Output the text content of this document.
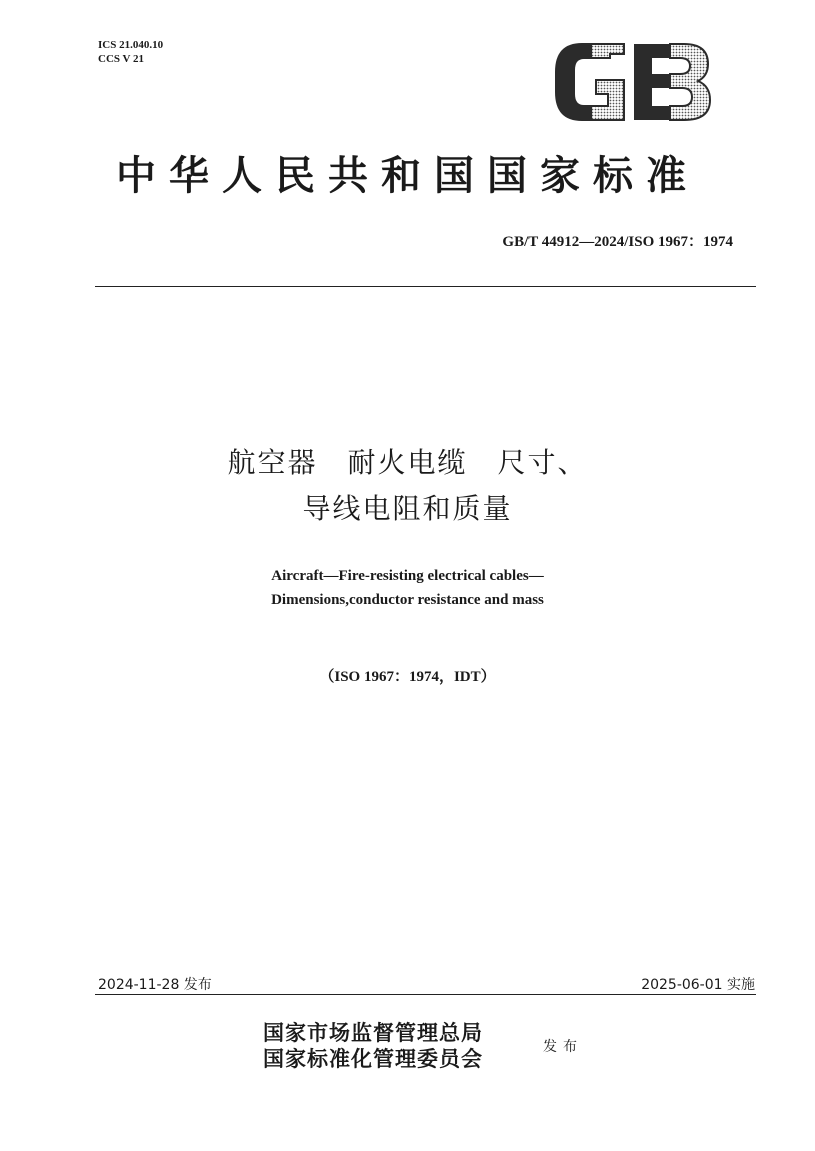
ICS 21.040.10
CCS V 21
GB
中华人民共和国国家标准
GB/T 44912—2024/ISO 1967：1974
航空器　耐火电缆　尺寸、
导线电阻和质量
Aircraft—Fire-resisting electrical cables—
Dimensions,conductor resistance and mass
（ISO 1967：1974，IDT）
2024-11-28 发布	2025-06-01 实施
国家市场监督管理总局
国家标准化管理委员会	发布
